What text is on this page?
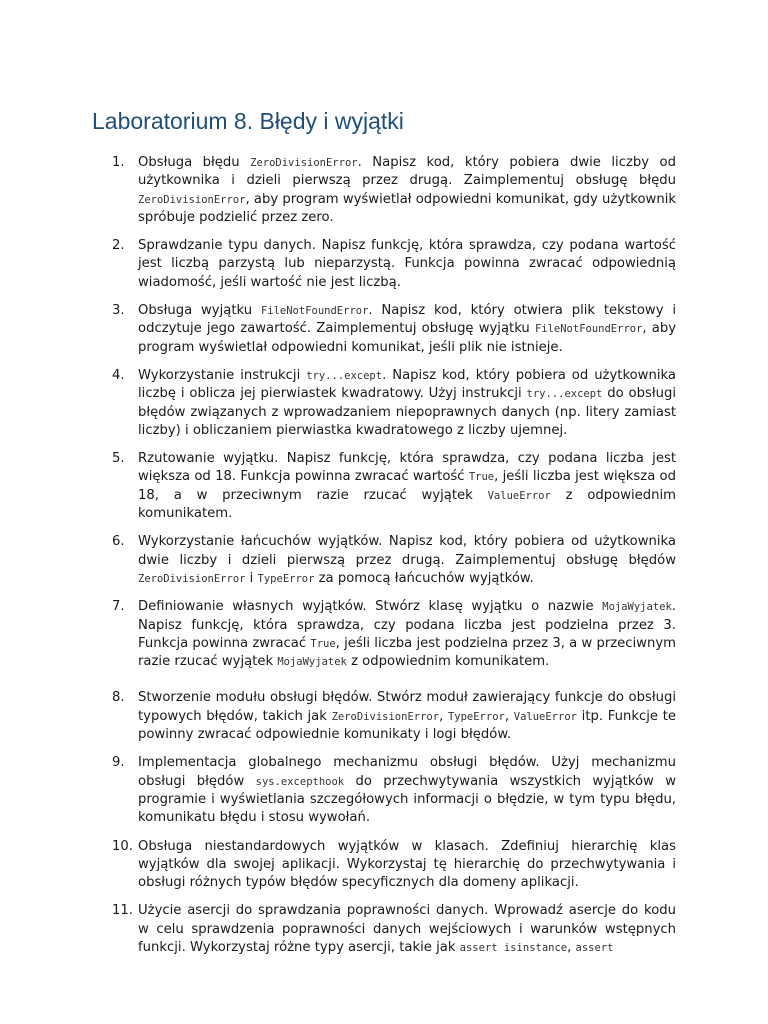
Laboratorium 8. Błędy i wyjątki
1. Obsługa błędu ZeroDivisionError. Napisz kod, który pobiera dwie liczby od użytkownika i dzieli pierwszą przez drugą. Zaimplementuj obsługę błędu ZeroDivisionError, aby program wyświetlał odpowiedni komunikat, gdy użytkownik spróbuje podzielić przez zero.
2. Sprawdzanie typu danych. Napisz funkcję, która sprawdza, czy podana wartość jest liczbą parzystą lub nieparzystą. Funkcja powinna zwracać odpowiednią wiadomość, jeśli wartość nie jest liczbą.
3. Obsługa wyjątku FileNotFoundError. Napisz kod, który otwiera plik tekstowy i odczytuje jego zawartość. Zaimplementuj obsługę wyjątku FileNotFoundError, aby program wyświetlał odpowiedni komunikat, jeśli plik nie istnieje.
4. Wykorzystanie instrukcji try...except. Napisz kod, który pobiera od użytkownika liczbę i oblicza jej pierwiastek kwadratowy. Użyj instrukcji try...except do obsługi błędów związanych z wprowadzaniem niepoprawnych danych (np. litery zamiast liczby) i obliczaniem pierwiastka kwadratowego z liczby ujemnej.
5. Rzutowanie wyjątku. Napisz funkcję, która sprawdza, czy podana liczba jest większa od 18. Funkcja powinna zwracać wartość True, jeśli liczba jest większa od 18, a w przeciwnym razie rzucać wyjątek ValueError z odpowiednim komunikatem.
6. Wykorzystanie łańcuchów wyjątków. Napisz kod, który pobiera od użytkownika dwie liczby i dzieli pierwszą przez drugą. Zaimplementuj obsługę błędów ZeroDivisionError i TypeError za pomocą łańcuchów wyjątków.
7. Definiowanie własnych wyjątków. Stwórz klasę wyjątku o nazwie MojaWyjatek. Napisz funkcję, która sprawdza, czy podana liczba jest podzielna przez 3. Funkcja powinna zwracać True, jeśli liczba jest podzielna przez 3, a w przeciwnym razie rzucać wyjątek MojaWyjatek z odpowiednim komunikatem.
8. Stworzenie modułu obsługi błędów. Stwórz moduł zawierający funkcje do obsługi typowych błędów, takich jak ZeroDivisionError, TypeError, ValueError itp. Funkcje te powinny zwracać odpowiednie komunikaty i logi błędów.
9. Implementacja globalnego mechanizmu obsługi błędów. Użyj mechanizmu obsługi błędów sys.excepthook do przechwytywania wszystkich wyjątków w programie i wyświetlania szczegółowych informacji o błędzie, w tym typu błędu, komunikatu błędu i stosu wywołań.
10. Obsługa niestandardowych wyjątków w klasach. Zdefiniuj hierarchię klas wyjątków dla swojej aplikacji. Wykorzystaj tę hierarchię do przechwytywania i obsługi różnych typów błędów specyficznych dla domeny aplikacji.
11. Użycie asercji do sprawdzania poprawności danych. Wprowadź asercje do kodu w celu sprawdzenia poprawności danych wejściowych i warunków wstępnych funkcji. Wykorzystaj różne typy asercji, takie jak assert isinstance, assert
